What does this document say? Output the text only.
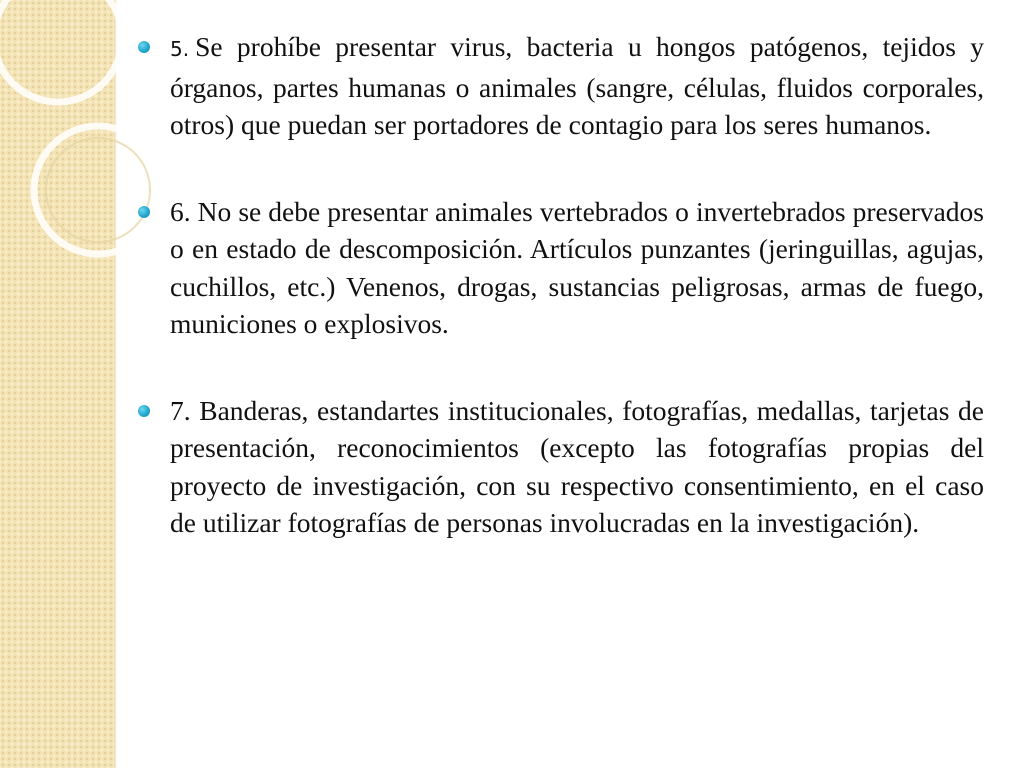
5. Se prohíbe presentar virus, bacteria u hongos patógenos, tejidos y órganos, partes humanas o animales (sangre, células, fluidos corporales, otros) que puedan ser portadores de contagio para los seres humanos.
6. No se debe presentar animales vertebrados o invertebrados preservados o en estado de descomposición. Artículos punzantes (jeringuillas, agujas, cuchillos, etc.) Venenos, drogas, sustancias peligrosas, armas de fuego, municiones o explosivos.
7. Banderas, estandartes institucionales, fotografías, medallas, tarjetas de presentación, reconocimientos (excepto las fotografías propias del proyecto de investigación, con su respectivo consentimiento, en el caso de utilizar fotografías de personas involucradas en la investigación).
